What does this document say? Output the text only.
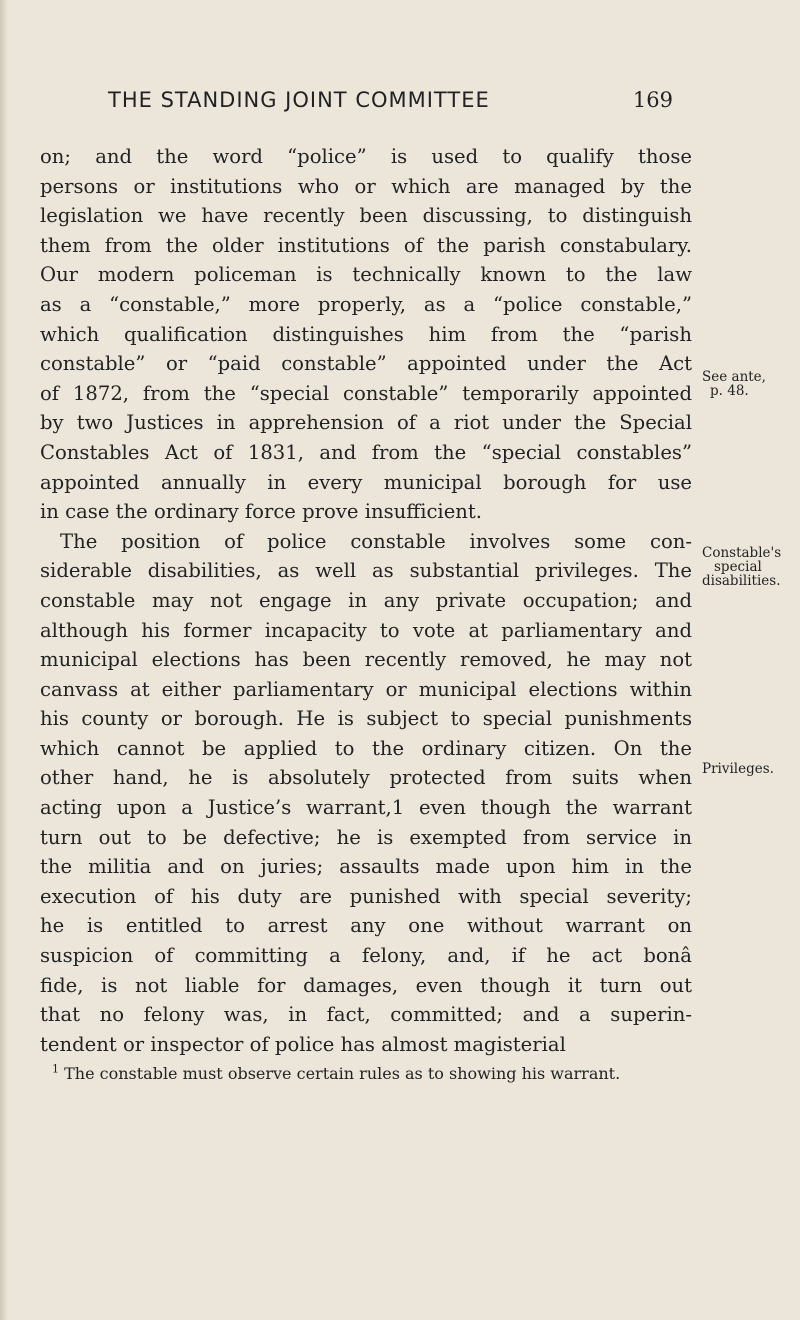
THE STANDING JOINT COMMITTEE	169
on; and the word “police” is used to qualify those
persons or institutions who or which are managed by the
legislation we have recently been discussing, to distinguish
them from the older institutions of the parish constabulary.
Our modern policeman is technically known to the law
as a “constable,” more properly, as a “police constable,”
which qualification distinguishes him from the “parish
constable” or “paid constable” appointed under the Act
of 1872, from the “special constable” temporarily appointed
by two Justices in apprehension of a riot under the Special
Constables Act of 1831, and from the “special constables”
appointed annually in every municipal borough for use
in case the ordinary force prove insufficient.
The position of police constable involves some con-
siderable disabilities, as well as substantial privileges. The
constable may not engage in any private occupation; and
although his former incapacity to vote at parliamentary and
municipal elections has been recently removed, he may not
canvass at either parliamentary or municipal elections within
his county or borough. He is subject to special punishments
which cannot be applied to the ordinary citizen. On the
other hand, he is absolutely protected from suits when
acting upon a Justice’s warrant,1 even though the warrant
turn out to be defective; he is exempted from service in
the militia and on juries; assaults made upon him in the
execution of his duty are punished with special severity;
he is entitled to arrest any one without warrant on
suspicion of committing a felony, and, if he act bonâ
fide, is not liable for damages, even though it turn out
that no felony was, in fact, committed; and a superin-
tendent or inspector of police has almost magisterial
See ante,
p. 48.
Constable's
special
disabilities.
Privileges.
$^1$ The constable must observe certain rules as to showing his warrant.
